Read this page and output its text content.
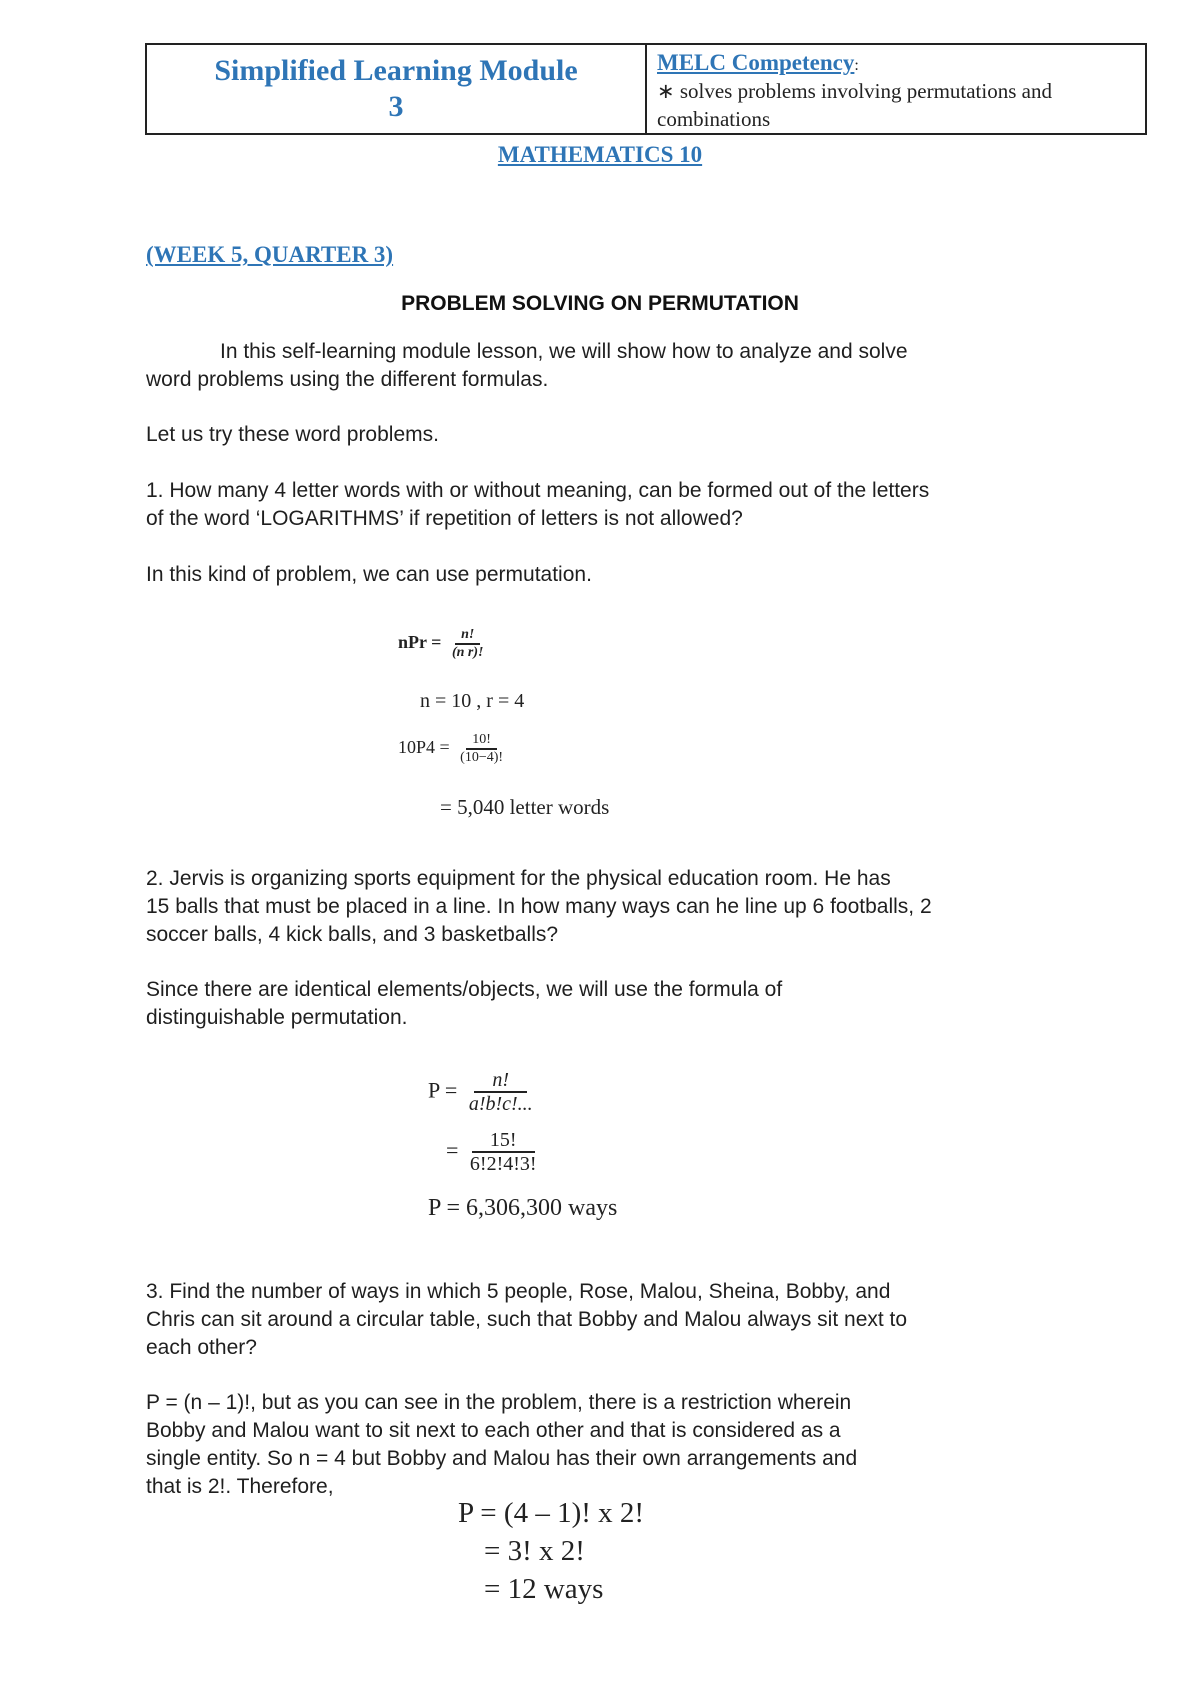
Simplified Learning Module
3
MELC Competency:
∗ solves problems involving permutations and
combinations
MATHEMATICS 10
(WEEK 5, QUARTER 3)
PROBLEM SOLVING ON PERMUTATION

In this self-learning module lesson, we will show how to analyze and solve

word problems using the different formulas.

Let us try these word problems.

1. How many 4 letter words with or without meaning, can be formed out of the letters

of the word ‘LOGARITHMS’ if repetition of letters is not allowed?

In this kind of problem, we can use permutation.

nPr = $\frac{n!}{\text{(n r)!}}$
n = 10 , r = 4
$10P4 = \frac{10!}{(10-4)!}$
= 5,040 letter words

2. Jervis is organizing sports equipment for the physical education room. He has

15 balls that must be placed in a line. In how many ways can he line up 6 footballs, 2

soccer balls, 4 kick balls, and 3 basketballs?

Since there are identical elements/objects, we will use the formula of

distinguishable permutation.

$P = \frac{n!}{a!b!c!...}$
= $\frac{15!}{6!2!4!3!}$
P = 6,306,300 ways

3. Find the number of ways in which 5 people, Rose, Malou, Sheina, Bobby, and

Chris can sit around a circular table, such that Bobby and Malou always sit next to

each other?

P = (n – 1)!, but as you can see in the problem, there is a restriction wherein

Bobby and Malou want to sit next to each other and that is considered as a

single entity. So n = 4 but Bobby and Malou has their own arrangements and

that is 2!. Therefore,

P = (4 – 1)! x 2!
= 3! x 2!
= 12 ways
